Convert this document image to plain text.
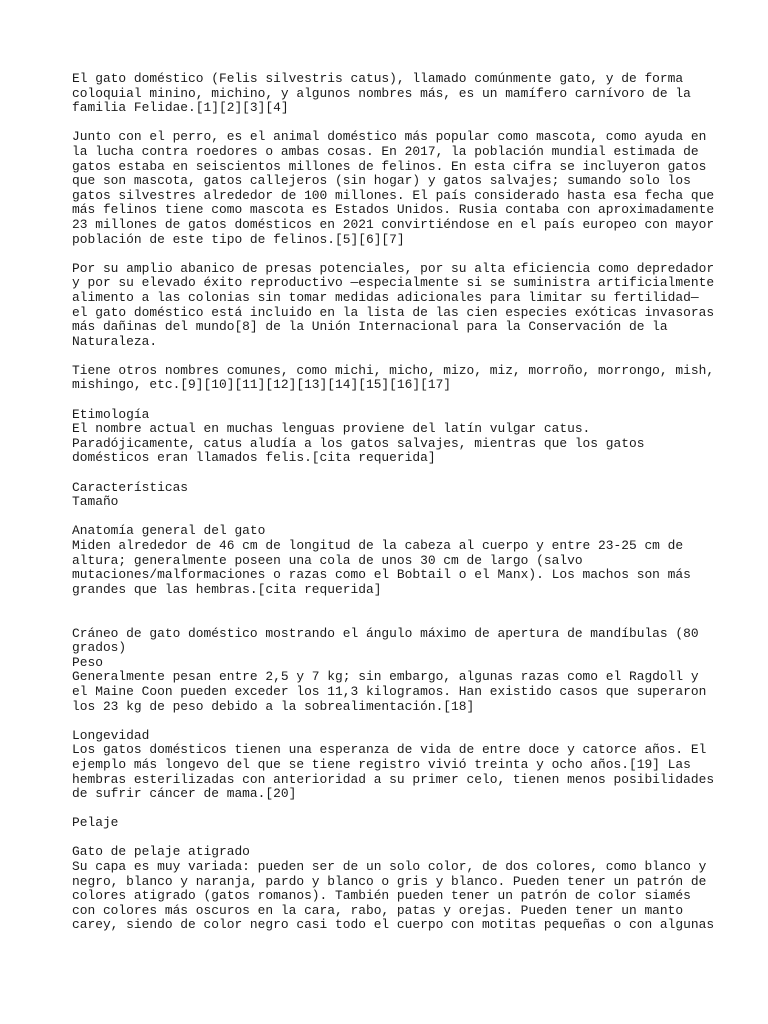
El gato doméstico (Felis silvestris catus), llamado comúnmente gato, y de forma
coloquial minino, michino, y algunos nombres más, es un mamífero carnívoro de la
familia Felidae.[1][2][3][4]
Junto con el perro, es el animal doméstico más popular como mascota, como ayuda en
la lucha contra roedores o ambas cosas. En 2017, la población mundial estimada de
gatos estaba en seiscientos millones de felinos. En esta cifra se incluyeron gatos
que son mascota, gatos callejeros (sin hogar) y gatos salvajes; sumando solo los
gatos silvestres alrededor de 100 millones. El país considerado hasta esa fecha que
más felinos tiene como mascota es Estados Unidos. Rusia contaba con aproximadamente
23 millones de gatos domésticos en 2021 convirtiéndose en el país europeo con mayor
población de este tipo de felinos.[5][6][7]
Por su amplio abanico de presas potenciales, por su alta eficiencia como depredador
y por su elevado éxito reproductivo —especialmente si se suministra artificialmente
alimento a las colonias sin tomar medidas adicionales para limitar su fertilidad—
el gato doméstico está incluido en la lista de las cien especies exóticas invasoras
más dañinas del mundo[8] de la Unión Internacional para la Conservación de la
Naturaleza.
Tiene otros nombres comunes, como michi, micho, mizo, miz, morroño, morrongo, mish,
mishingo, etc.[9][10][11][12][13][14][15][16][17]
Etimología
El nombre actual en muchas lenguas proviene del latín vulgar catus.
Paradójicamente, catus aludía a los gatos salvajes, mientras que los gatos
domésticos eran llamados felis.[cita requerida]
Características
Tamaño
Anatomía general del gato
Miden alrededor de 46 cm de longitud de la cabeza al cuerpo y entre 23-25 cm de
altura; generalmente poseen una cola de unos 30 cm de largo (salvo
mutaciones/malformaciones o razas como el Bobtail o el Manx). Los machos son más
grandes que las hembras.[cita requerida]
Cráneo de gato doméstico mostrando el ángulo máximo de apertura de mandíbulas (80
grados)
Peso
Generalmente pesan entre 2,5 y 7 kg; sin embargo, algunas razas como el Ragdoll y
el Maine Coon pueden exceder los 11,3 kilogramos. Han existido casos que superaron
los 23 kg de peso debido a la sobrealimentación.[18]
Longevidad
Los gatos domésticos tienen una esperanza de vida de entre doce y catorce años. El
ejemplo más longevo del que se tiene registro vivió treinta y ocho años.[19] Las
hembras esterilizadas con anterioridad a su primer celo, tienen menos posibilidades
de sufrir cáncer de mama.[20]
Pelaje
Gato de pelaje atigrado
Su capa es muy variada: pueden ser de un solo color, de dos colores, como blanco y
negro, blanco y naranja, pardo y blanco o gris y blanco. Pueden tener un patrón de
colores atigrado (gatos romanos). También pueden tener un patrón de color siamés
con colores más oscuros en la cara, rabo, patas y orejas. Pueden tener un manto
carey, siendo de color negro casi todo el cuerpo con motitas pequeñas o con algunas
